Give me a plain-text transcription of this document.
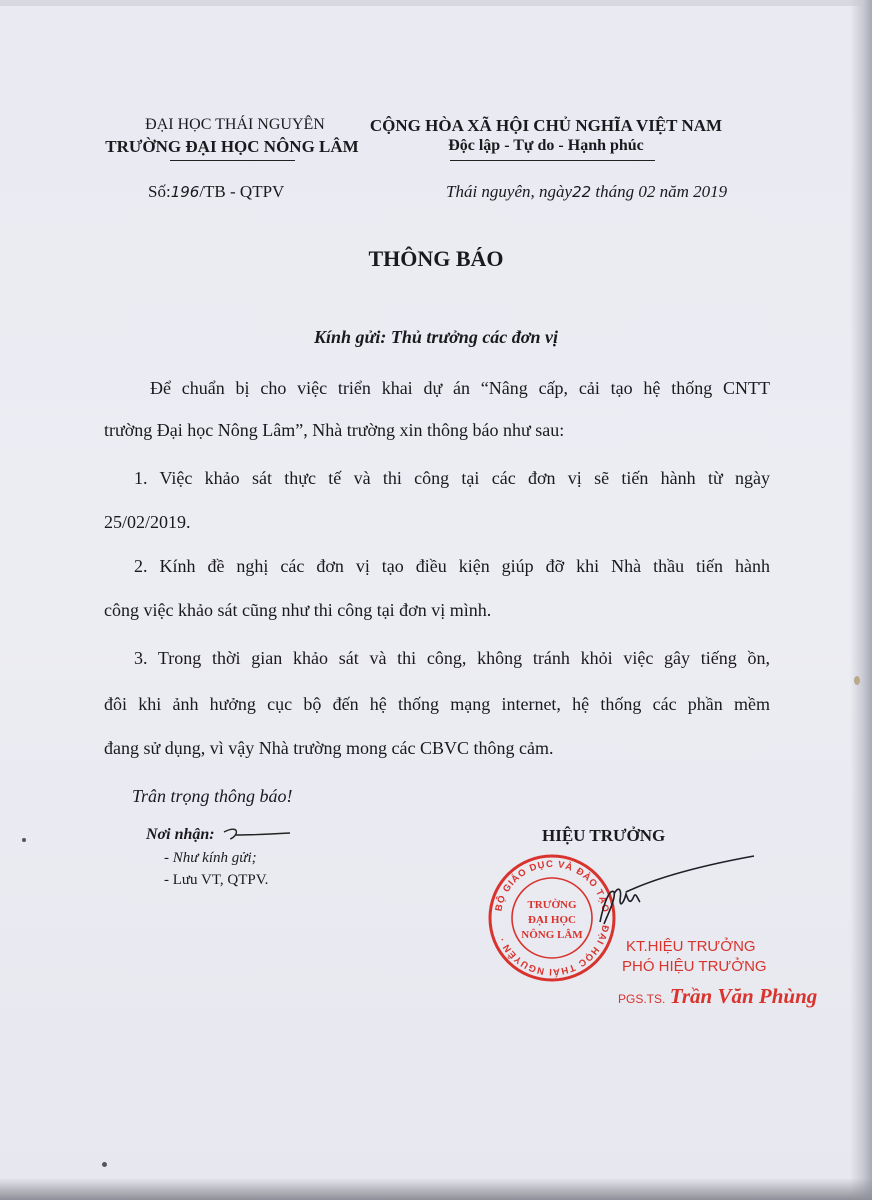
ĐẠI HỌC THÁI NGUYÊN
TRƯỜNG ĐẠI HỌC NÔNG LÂM
CỘNG HÒA XÃ HỘI CHỦ NGHĨA VIỆT NAM
Độc lập - Tự do - Hạnh phúc
Số:196/TB - QTPV	Thái nguyên, ngày22 tháng 02 năm 2019
THÔNG BÁO
Kính gửi: Thủ trưởng các đơn vị
Để chuẩn bị cho việc triển khai dự án “Nâng cấp, cải tạo hệ thống CNTT
trường Đại học Nông Lâm”, Nhà trường xin thông báo như sau:
1. Việc khảo sát thực tế và thi công tại các đơn vị sẽ tiến hành từ ngày
25/02/2019.
2. Kính đề nghị các đơn vị tạo điều kiện giúp đỡ khi Nhà thầu tiến hành
công việc khảo sát cũng như thi công tại đơn vị mình.
3. Trong thời gian khảo sát và thi công, không tránh khỏi việc gây tiếng ồn,
đôi khi ảnh hưởng cục bộ đến hệ thống mạng internet, hệ thống các phần mềm
đang sử dụng, vì vậy Nhà trường mong các CBVC thông cảm.
Trân trọng thông báo!
Nơi nhận:
- Như kính gửi;
- Lưu VT, QTPV.
HIỆU TRƯỞNG
BỘ GIÁO DỤC VÀ ĐÀO TẠO · ĐẠI HỌC THÁI NGUYÊN ·
TRƯỜNG
ĐẠI HỌC
NÔNG LÂM
KT.HIỆU TRƯỞNG
PHÓ HIỆU TRƯỞNG
PGS.TS. Trần Văn Phùng
